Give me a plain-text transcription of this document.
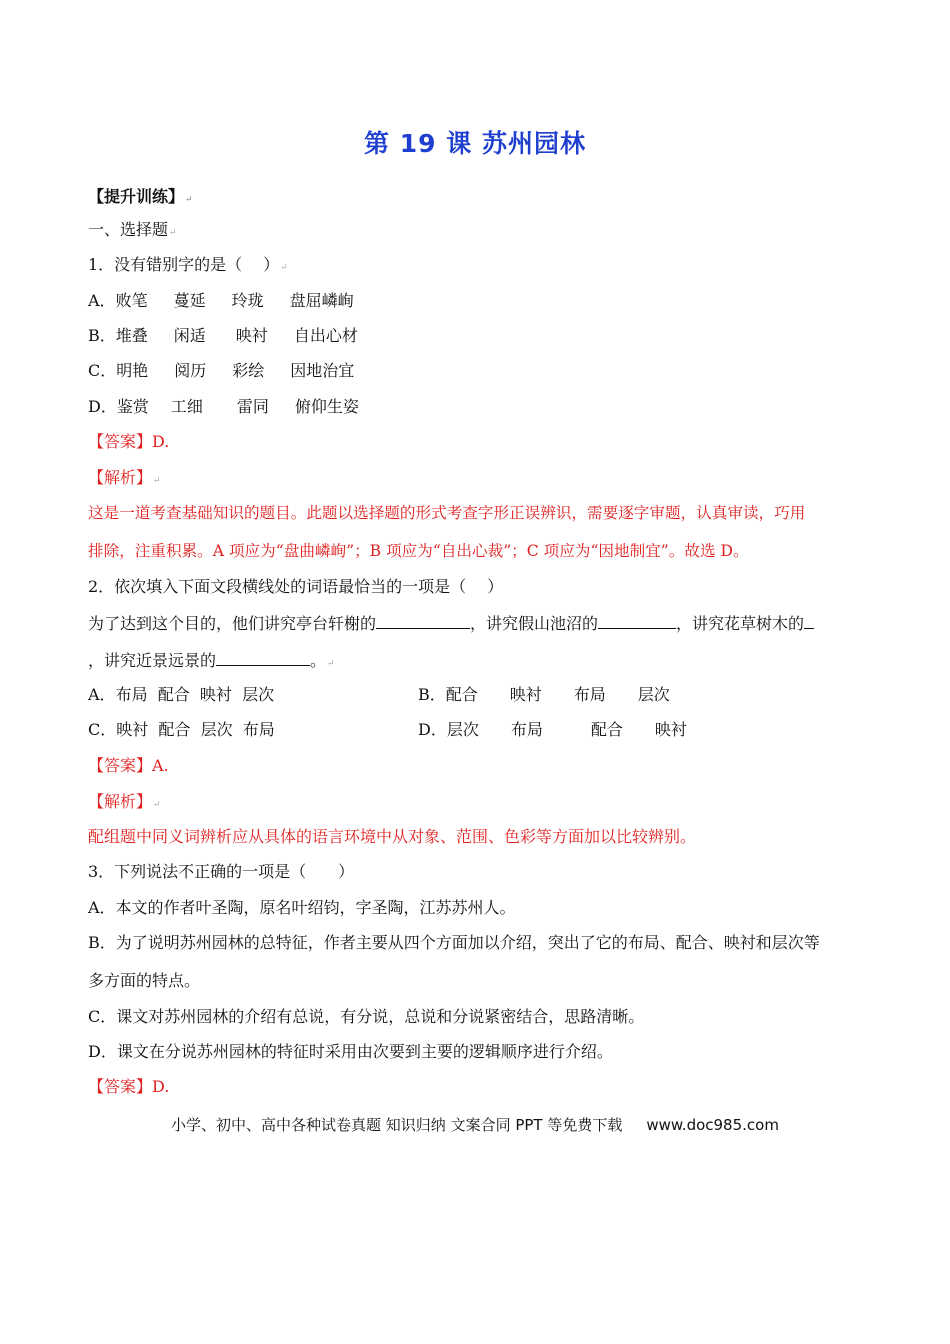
第 19 课 苏州园林
【提升训练】↵
一、选择题↵
1．没有错别字的是（　 ）↵
A．败笔 蔓延 玲珑 盘屈嶙峋
B．堆叠 闲适 映衬 自出心材
C．明艳 阅历 彩绘 因地治宜
D．鉴赏 工细 雷同 俯仰生姿
【答案】D.
【解析】↵
这是一道考查基础知识的题目。此题以选择题的形式考查字形正误辨识，需要逐字审题，认真审读，巧用
排除，注重积累。A 项应为“盘曲嶙峋”；B 项应为“自出心裁”；C 项应为“因地制宜”。故选 D。
2．依次填入下面文段横线处的词语最恰当的一项是（　 ）
为了达到这个目的，他们讲究亭台轩榭的	，讲究假山池沼的	，讲究花草树木的
，讲究近景远景的	。↵
A．布局  配合  映衬  层次	B．配合　　映衬　　布局　　层次
C．映衬  配合  层次  布局	D．层次　　布局　　　配合　　映衬
【答案】A.
【解析】↵
配组题中同义词辨析应从具体的语言环境中从对象、范围、色彩等方面加以比较辨别。
3．下列说法不正确的一项是（　　）
A．本文的作者叶圣陶，原名叶绍钧，字圣陶，江苏苏州人。
B．为了说明苏州园林的总特征，作者主要从四个方面加以介绍，突出了它的布局、配合、映衬和层次等
多方面的特点。
C．课文对苏州园林的介绍有总说，有分说，总说和分说紧密结合，思路清晰。
D．课文在分说苏州园林的特征时采用由次要到主要的逻辑顺序进行介绍。
【答案】D.
小学、初中、高中各种试卷真题 知识归纳 文案合同 PPT 等免费下载 www.doc985.com
